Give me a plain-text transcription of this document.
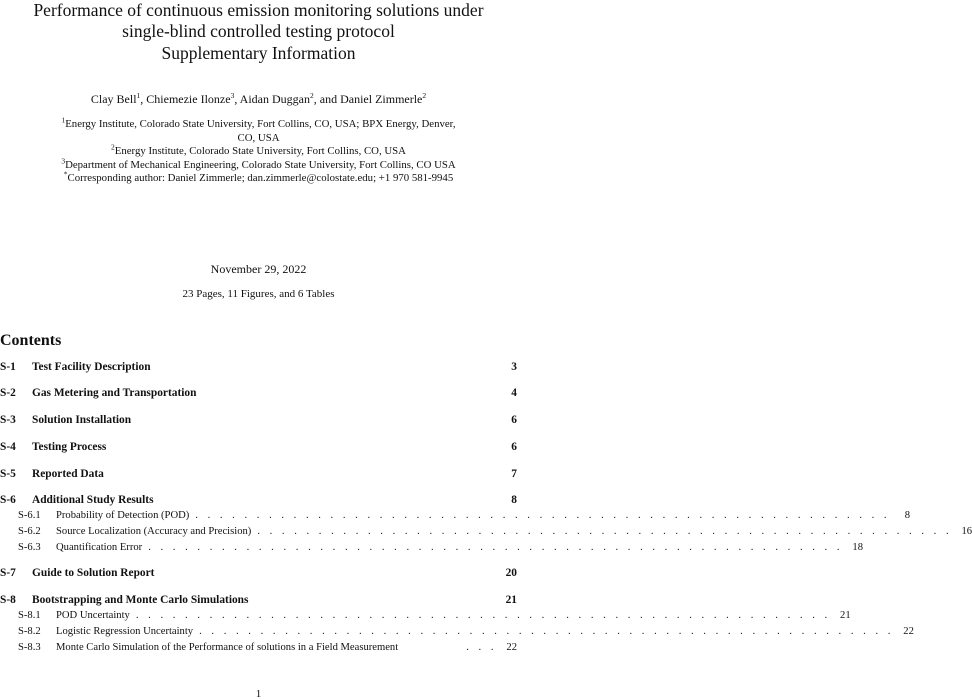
Performance of continuous emission monitoring solutions under
single-blind controlled testing protocol
Supplementary Information
Clay Bell$^1$, Chiemezie Ilonze$^3$, Aidan Duggan$^2$, and Daniel Zimmerle$^2$
$^1$Energy Institute, Colorado State University, Fort Collins, CO, USA; BPX Energy, Denver,
CO, USA
$^2$Energy Institute, Colorado State University, Fort Collins, CO, USA
$^3$Department of Mechanical Engineering, Colorado State University, Fort Collins, CO USA
*Corresponding author: Daniel Zimmerle; dan.zimmerle@colostate.edu; +1 970 581-9945
November 29, 2022
23 Pages, 11 Figures, and 6 Tables
Contents
S-1 Test Facility Description	3
S-2 Gas Metering and Transportation	4
S-3 Solution Installation	6
S-4 Testing Process	6
S-5 Reported Data	7
S-6 Additional Study Results	8
S-6.1	Probability of Detection (POD) . . . . . . . . . . . . . . . . . . . . . . . . . . . . . . . . . . . . . . . . . . . . . . . . . . . . . . . . .	8
S-6.2	Source Localization (Accuracy and Precision) . . . . . . . . . . . . . . . . . . . . . . . . . . . . . . . . . . . . . . . . . . . . . . . . . . . . . . . . . 16
S-6.3	Quantification Error . . . . . . . . . . . . . . . . . . . . . . . . . . . . . . . . . . . . . . . . . . . . . . . . . . . . . . . . . 18
S-7 Guide to Solution Report	20
S-8 Bootstrapping and Monte Carlo Simulations	21
S-8.1	POD Uncertainty . . . . . . . . . . . . . . . . . . . . . . . . . . . . . . . . . . . . . . . . . . . . . . . . . . . . . . . . . 21
S-8.2	Logistic Regression Uncertainty . . . . . . . . . . . . . . . . . . . . . . . . . . . . . . . . . . . . . . . . . . . . . . . . . . . . . . . . . 22
S-8.3	Monte Carlo Simulation of the Performance of solutions in a Field Measurement	. . . 22
1
